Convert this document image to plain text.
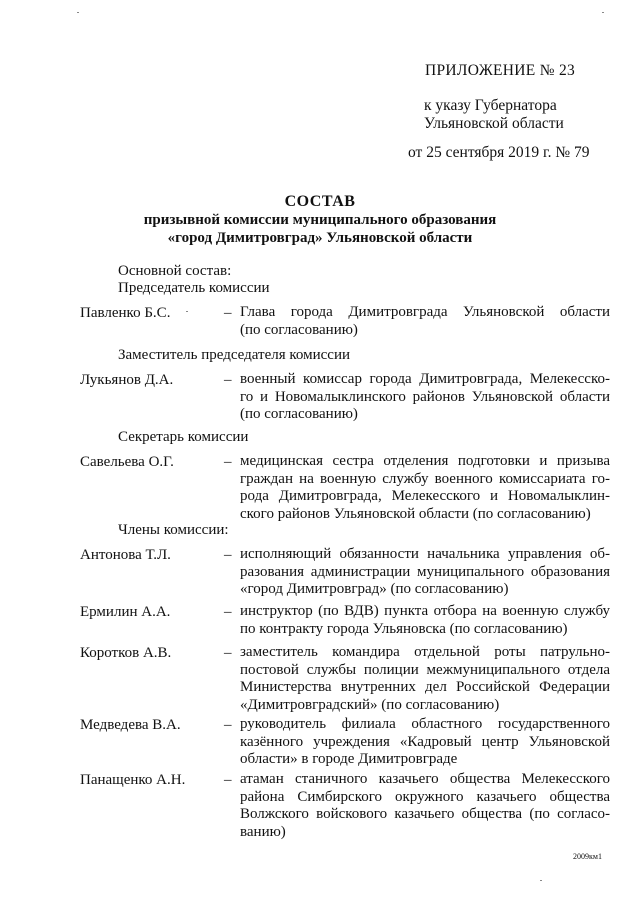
ПРИЛОЖЕНИЕ № 23
к указу Губернатора
Ульяновской области
от 25 сентября 2019 г. № 79
СОСТАВ
призывной комиссии муниципального образования
«город Димитровград» Ульяновской области
Основной состав:
Председатель комиссии
Павленко Б.С.	– Глава города Димитровграда Ульяновской области
(по согласованию)
Заместитель председателя комиссии
Лукьянов Д.А.	– военный комиссар города Димитровграда, Мелекесско-
го и Новомалыклинского районов Ульяновской области
(по согласованию)
Секретарь комиссии
Савельева О.Г.	– медицинская сестра отделения подготовки и призыва
граждан на военную службу военного комиссариата го-
рода Димитровграда, Мелекесского и Новомалыклин-
ского районов Ульяновской области (по согласованию)
Члены комиссии:
Антонова Т.Л.	– исполняющий обязанности начальника управления об-
разования администрации муниципального образования
«город Димитровград» (по согласованию)
Ермилин А.А.	– инструктор (по ВДВ) пункта отбора на военную службу
по контракту города Ульяновска (по согласованию)
Коротков А.В.	– заместитель командира отдельной роты патрульно-
постовой службы полиции межмуниципального отдела
Министерства внутренних дел Российской Федерации
«Димитровградский» (по согласованию)
Медведева В.А.	– руководитель филиала областного государственного
казённого учреждения «Кадровый центр Ульяновской
области» в городе Димитровграде
Панащенко А.Н.	– атаман станичного казачьего общества Мелекесского
района Симбирского окружного казачьего общества
Волжского войскового казачьего общества (по согласо-
ванию)
2009км1
